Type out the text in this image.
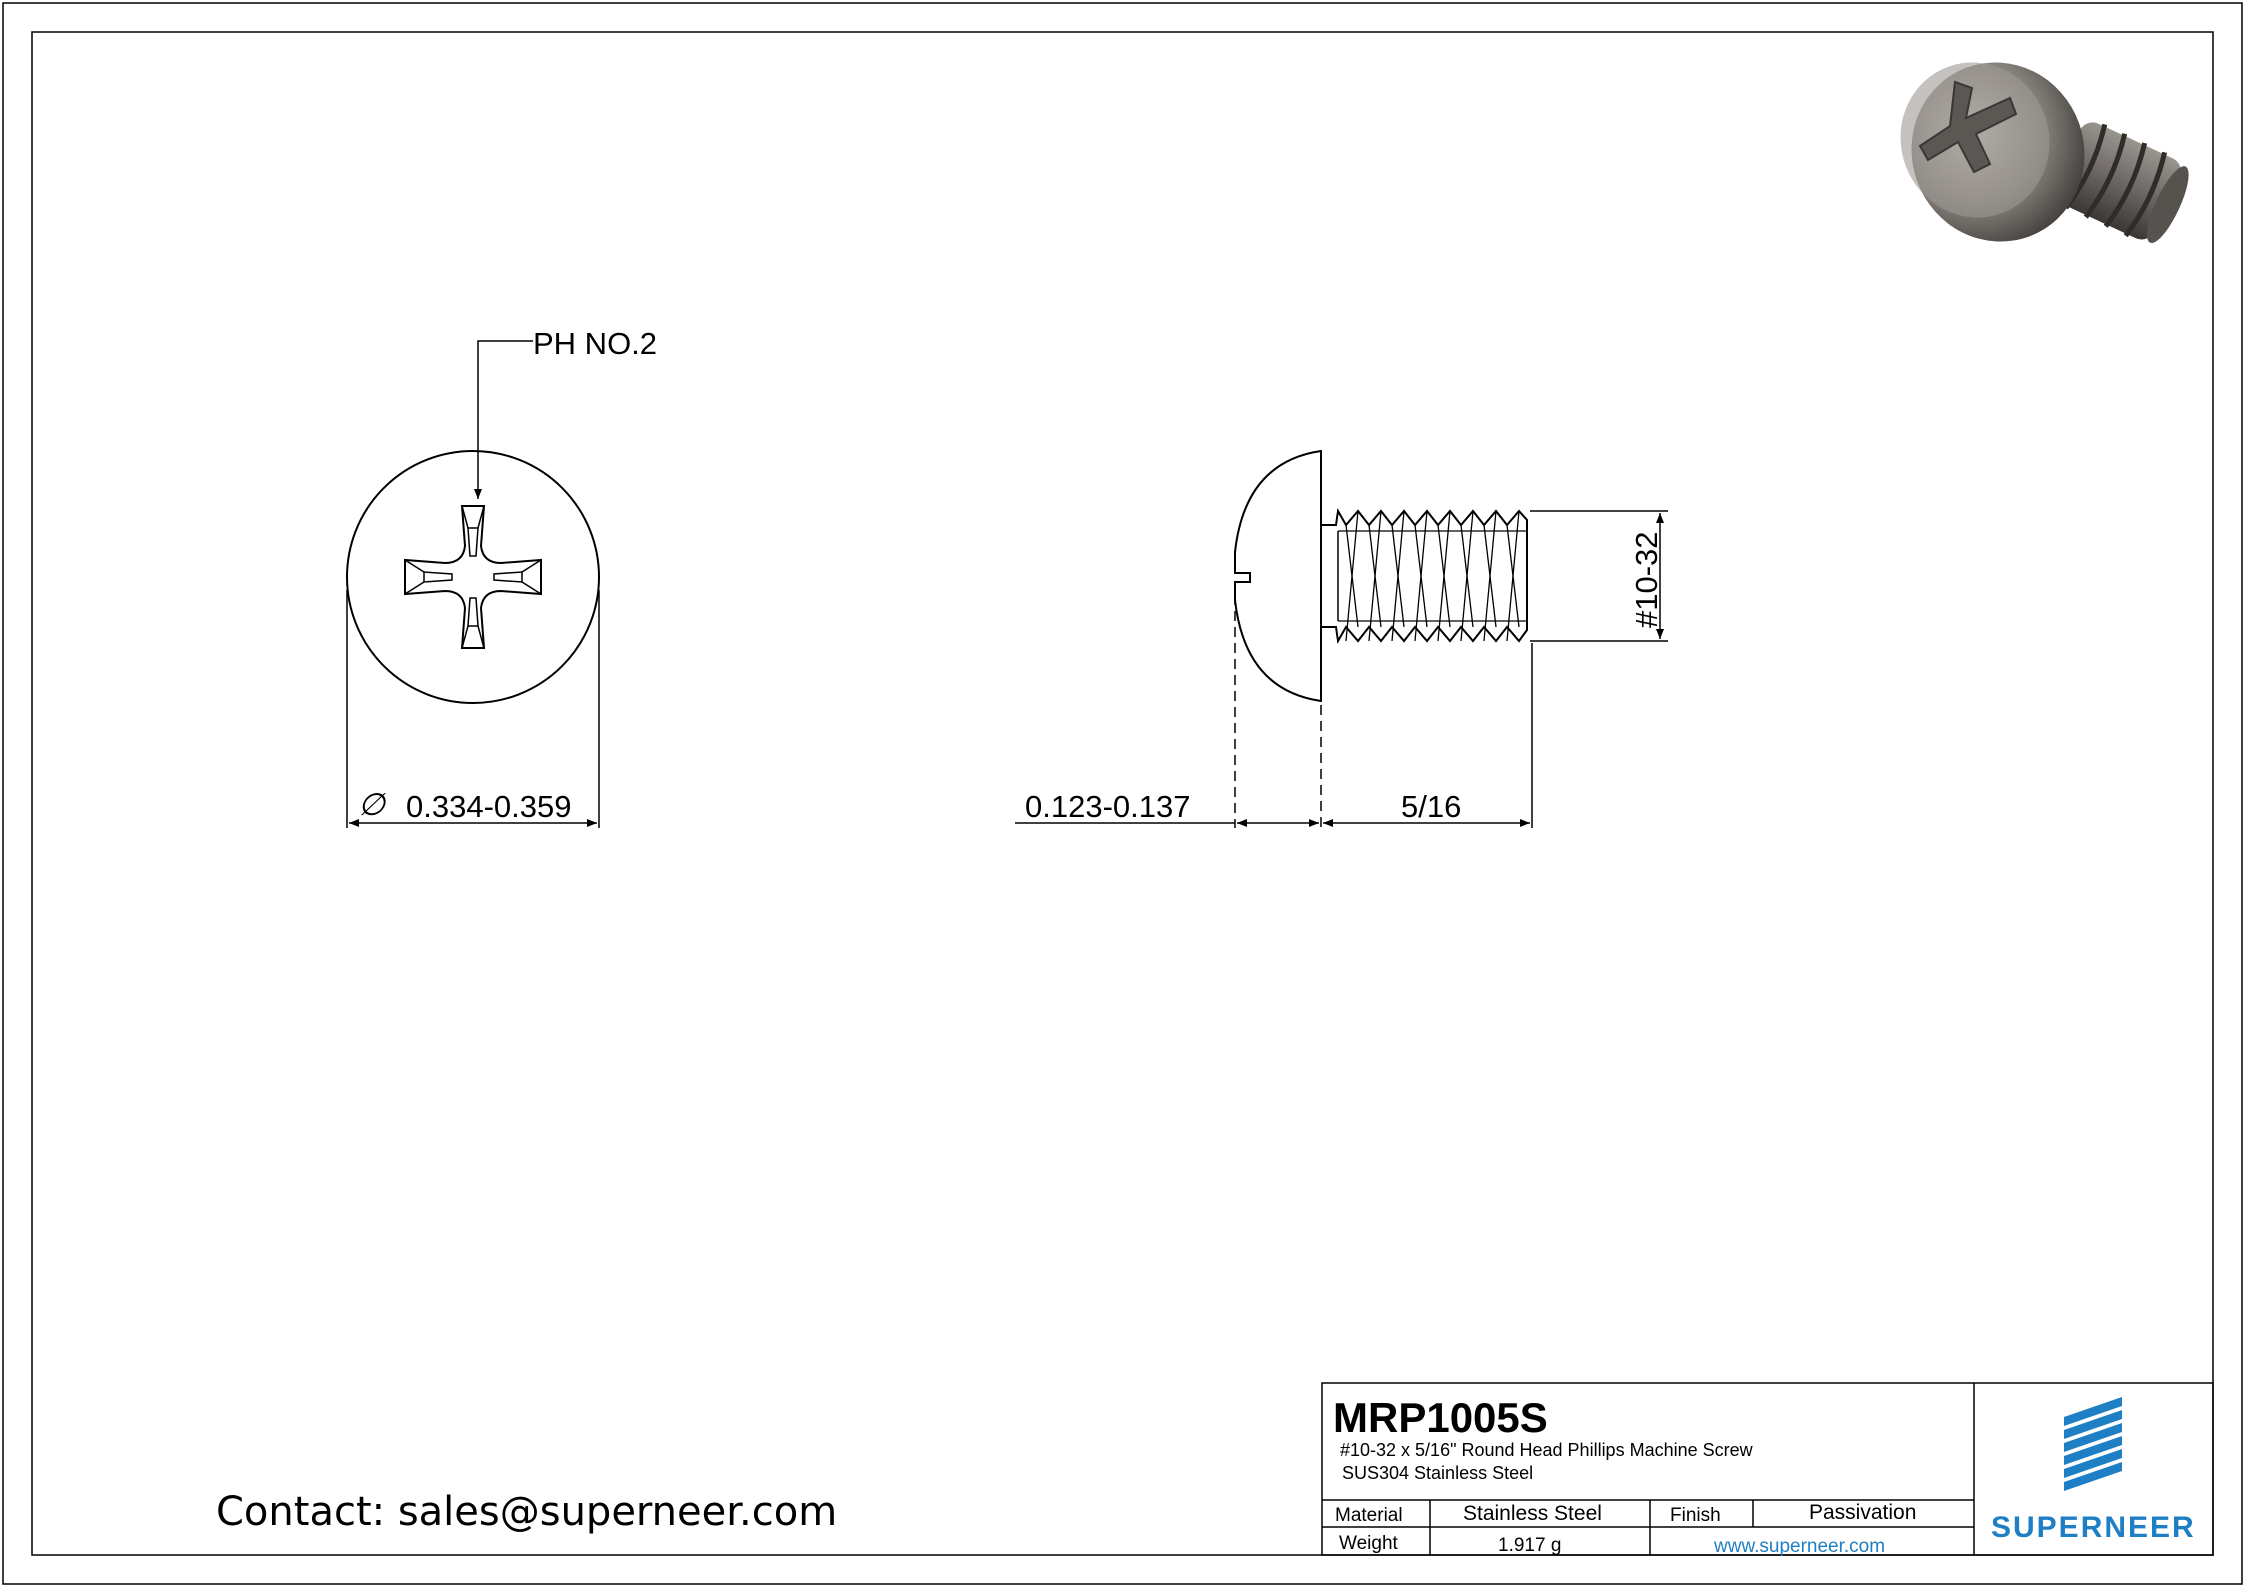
PH NO.2
∅ 0.334-0.359	0.123-0.137	5/16
#10-32
Contact: sales@superneer.com
MRP1005S
#10-32 x 5/16" Round Head Phillips Machine Screw
SUS304 Stainless Steel
Material	Stainless Steel	Finish	Passivation
Weight	1.917 g	www.superneer.com
SUPERNEER
